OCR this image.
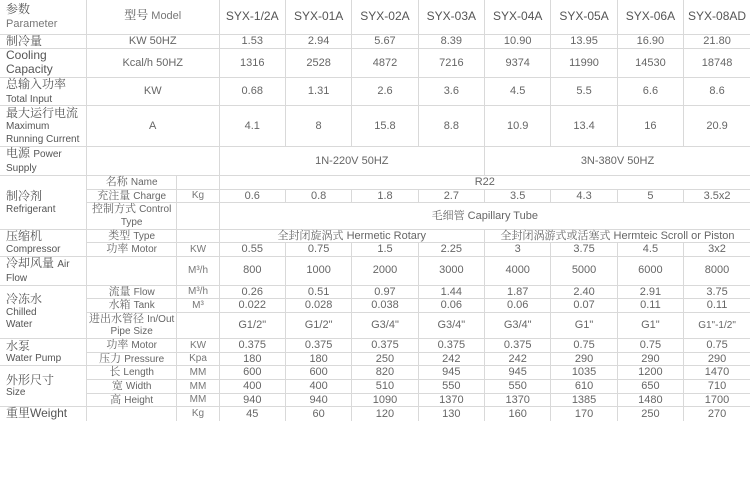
参数 Parameter	型号 Model		SYX-1/2A	SYX-01A	SYX-02A	SYX-03A	SYX-04A	SYX-05A	SYX-06A	SYX-08AD
制冷量	KW 50HZ		1.53	2.94	5.67	8.39	10.90	13.95	16.90	21.80
Cooling Capacity	Kcal/h 50HZ		1316	2528	4872	7216	9374	11990	14530	18748
总输入功率 Total Input	KW		0.68	1.31	2.6	3.6	4.5	5.5	6.6	8.6

最大运行电流
Maximum Running Current	A		4.1	8	15.8	8.8	10.9	13.4	16	20.9
电源 Power Supply			1N-220V 50HZ				3N-380V 50HZ			

制冷剂
Refrigerant	名称 Name		R22							
	充注量 Charge	Kg	0.6	0.8	1.8	2.7	3.5	4.3	5	3.5x2
	控制方式 Control Type		毛细管 Capillary Tube							

压缩机
Compressor	类型 Type		全封闭旋涡式 Hermetic Rotary				全封闭涡游式或活塞式 Hermteic Scroll or Piston			
	功率 Motor	KW	0.55	0.75	1.5	2.25	3	3.75	4.5	3x2
冷却风量 Air Flow		M³/h	800	1000	2000	3000	4000	5000	6000	8000

冷冻水
Chilled
Water	流量 Flow	M³/h	0.26	0.51	0.97	1.44	1.87	2.40	2.91	3.75
	水箱 Tank	M³	0.022	0.028	0.038	0.06	0.06	0.07	0.11	0.11
	进出水管径 In/Out Pipe Size		G1/2"	G1/2"	G3/4"	G3/4"	G3/4"	G1"	G1"	G1"-1/2"

水泵
Water Pump	功率 Motor	KW	0.375	0.375	0.375	0.375	0.375	0.75	0.75	0.75
	压力 Pressure	Kpa	180	180	250	242	242	290	290	290

外形尺寸
Size	长 Length	MM	600	600	820	945	945	1035	1200	1470
	宽 Width	MM	400	400	510	550	550	610	650	710
	高 Height	MM	940	940	1090	1370	1370	1385	1480	1700
重里Weight		Kg	45	60	120	130	160	170	250	270
